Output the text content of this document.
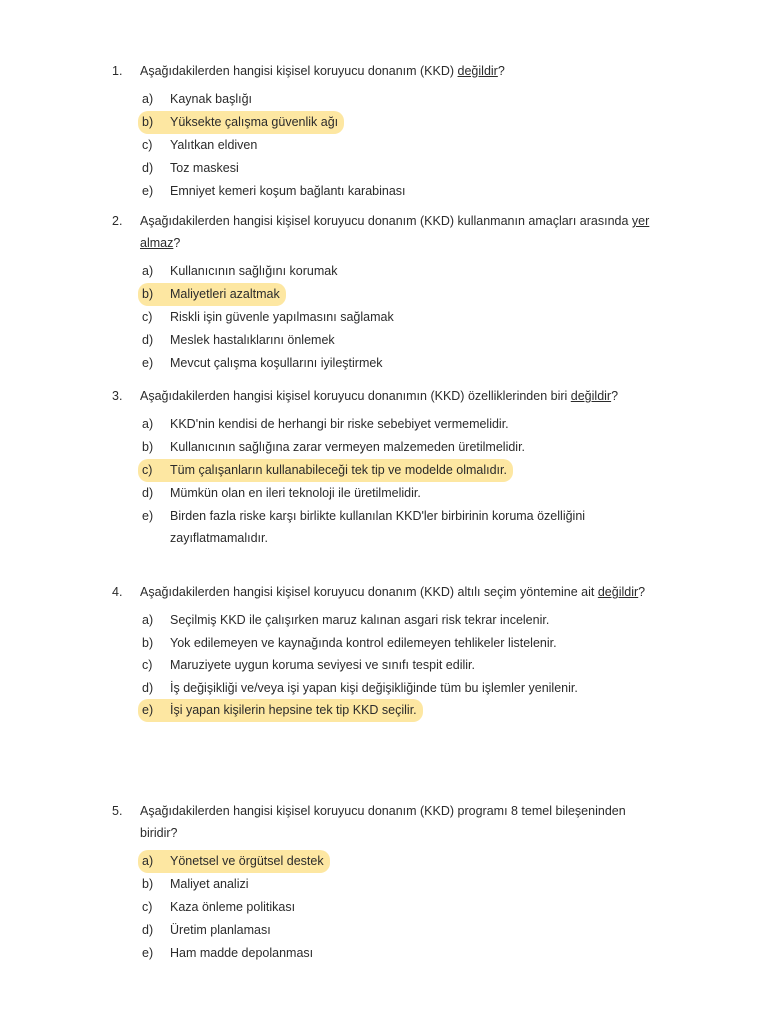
1.	Aşağıdakilerden hangisi kişisel koruyucu donanım (KKD) değildir?
a)	Kaynak başlığı
b)	Yüksekte çalışma güvenlik ağı
c)	Yalıtkan eldiven
d)	Toz maskesi
e)	Emniyet kemeri koşum bağlantı karabinası
2.	Aşağıdakilerden hangisi kişisel koruyucu donanım (KKD) kullanmanın amaçları arasında yer almaz?
a)	Kullanıcının sağlığını korumak
b)	Maliyetleri azaltmak
c)	Riskli işin güvenle yapılmasını sağlamak
d)	Meslek hastalıklarını önlemek
e)	Mevcut çalışma koşullarını iyileştirmek
3.	Aşağıdakilerden hangisi kişisel koruyucu donanımın (KKD) özelliklerinden biri değildir?
a)	KKD'nin kendisi de herhangi bir riske sebebiyet vermemelidir.
b)	Kullanıcının sağlığına zarar vermeyen malzemeden üretilmelidir.
c)	Tüm çalışanların kullanabileceği tek tip ve modelde olmalıdır.
d)	Mümkün olan en ileri teknoloji ile üretilmelidir.
e)	Birden fazla riske karşı birlikte kullanılan KKD'ler birbirinin koruma özelliğini zayıflatmamalıdır.
4.	Aşağıdakilerden hangisi kişisel koruyucu donanım (KKD) altılı seçim yöntemine ait değildir?
a)	Seçilmiş KKD ile çalışırken maruz kalınan asgari risk tekrar incelenir.
b)	Yok edilemeyen ve kaynağında kontrol edilemeyen tehlikeler listelenir.
c)	Maruziyete uygun koruma seviyesi ve sınıfı tespit edilir.
d)	İş değişikliği ve/veya işi yapan kişi değişikliğinde tüm bu işlemler yenilenir.
e)	İşi yapan kişilerin hepsine tek tip KKD seçilir.
5.	Aşağıdakilerden hangisi kişisel koruyucu donanım (KKD) programı 8 temel bileşeninden biridir?
a)	Yönetsel ve örgütsel destek
b)	Maliyet analizi
c)	Kaza önleme politikası
d)	Üretim planlaması
e)	Ham madde depolanması
